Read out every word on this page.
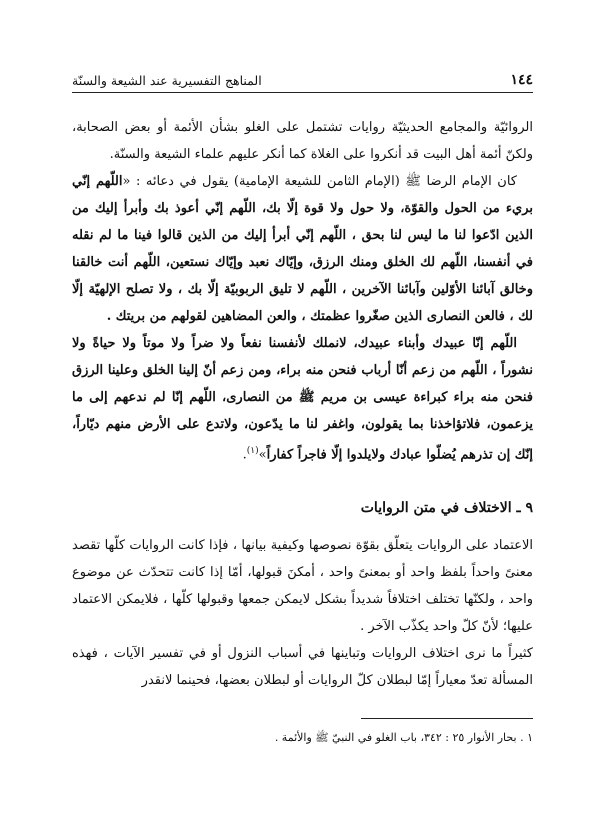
١٤٤
المناهج التفسيرية عند الشيعة والسنّة

الروائيّة والمجامع الحديثيّة روايات تشتمل على الغلو بشأن الأئمة أو بعض الصحابة، ولكنّ أئمة أهل البيت قد أنكروا على الغلاة كما أنكر عليهم علماء الشيعة والسنّة.

كان الإمام الرضا ﷺ (الإمام الثامن للشيعة الإمامية) يقول في دعائه : «اللّهم إنّي بريء من الحول والقوّة، ولا حول ولا قوة إلّا بك، اللّهم إنّي أعوذ بك وأبرأ إليك من الذين ادّعوا لنا ما ليس لنا بحق ، اللّهم إنّي أبرأ إليك من الذين قالوا فينا ما لم نقله في أنفسنا، اللّهم لك الخلق ومنك الرزق، وإيّاك نعبد وإيّاك نستعين، اللّهم أنت خالقنا وخالق آبائنا الأوّلين وآبائنا الآخرين ، اللّهم لا تليق الربوبيّة إلّا بك ، ولا تصلح الإلهيّة إلّا لك ، فالعن النصارى الذين صغّروا عظمتك ، والعن المضاهين لقولهم من بريتك .

اللّهم إنّا عبيدك وأبناء عبيدك، لانملك لأنفسنا نفعاً ولا ضراً ولا موتاً ولا حياةً ولا نشوراً ، اللّهم من زعم أنّا أرباب فنحن منه براء، ومن زعم أنّ إلينا الخلق وعلينا الرزق فنحن منه براء كبراءة عيسى بن مريم ﷺ من النصارى، اللّهم إنّا لم ندعهم إلى ما يزعمون، فلاتؤاخذنا بما يقولون، واغفر لنا ما يدّعون، ولاتدع على الأرض منهم ديّاراً، إنّك إن تذرهم يُضلّوا عبادك ولايلدوا إلّا فاجراً كفاراً»$^{(١)}$.

٩ ـ الاختلاف في متن الروايات

الاعتماد على الروايات يتعلّق بقوّة نصوصها وكيفية بيانها ، فإذا كانت الروايات كلّها تقصد معنىً واحداً بلفظ واحد أو بمعنىً واحد ، أمكنَ قبولها، أمّا إذا كانت تتحدّث عن موضوع واحد ، ولكنّها تختلف اختلافاً شديداً بشكل لايمكن جمعها وقبولها كلّها ، فلايمكن الاعتماد عليها؛ لأنّ كلّ واحد يكذّب الآخر .

كثيراً ما نرى اختلاف الروايات وتباينها في أسباب النزول أو في تفسير الآيات ، فهذه المسألة تعدّ معياراً إمّا لبطلان كلّ الروايات أو لبطلان بعضها، فحينما لانقدر

١ . بحار الأنوار ٢٥ : ٣٤٢، باب الغلو في النبيّ ﷺ والأئمة .
